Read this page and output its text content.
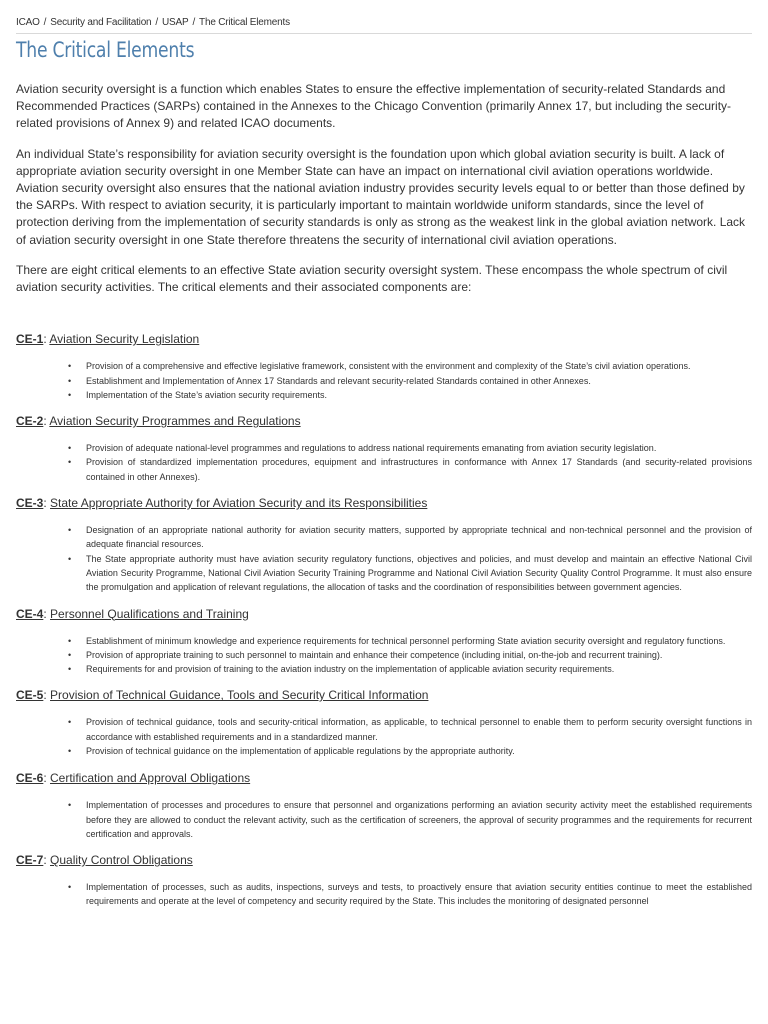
ICAO / Security and Facilitation / USAP / The Critical Elements
The Critical Elements

Aviation security oversight is a function which enables States to ensure the effective implementation of security-related Standards and Recommended Practices (SARPs) contained in the Annexes to the Chicago Convention (primarily Annex 17, but including the security-related provisions of Annex 9) and related ICAO documents.

An individual State’s responsibility for aviation security oversight is the foundation upon which global aviation security is built. A lack of appropriate aviation security oversight in one Member State can have an impact on international civil aviation operations worldwide. Aviation security oversight also ensures that the national aviation industry provides security levels equal to or better than those defined by the SARPs. With respect to aviation security, it is particularly important to maintain worldwide uniform standards, since the level of protection deriving from the implementation of security standards is only as strong as the weakest link in the global aviation network. Lack of aviation security oversight in one State therefore threatens the security of international civil aviation operations.

There are eight critical elements to an effective State aviation security oversight system. These encompass the whole spectrum of civil aviation security activities. The critical elements and their associated components are:

CE-1: Aviation Security Legislation
• Provision of a comprehensive and effective legislative framework, consistent with the environment and complexity of the State’s civil aviation operations.
• Establishment and Implementation of Annex 17 Standards and relevant security-related Standards contained in other Annexes.
• Implementation of the State’s aviation security requirements.
CE-2: Aviation Security Programmes and Regulations
• Provision of adequate national-level programmes and regulations to address national requirements emanating from aviation security legislation.
• Provision of standardized implementation procedures, equipment and infrastructures in conformance with Annex 17 Standards (and security-related provisions contained in other Annexes).
CE-3: State Appropriate Authority for Aviation Security and its Responsibilities
• Designation of an appropriate national authority for aviation security matters, supported by appropriate technical and non-technical personnel and the provision of adequate financial resources.
• The State appropriate authority must have aviation security regulatory functions, objectives and policies, and must develop and maintain an effective National Civil Aviation Security Programme, National Civil Aviation Security Training Programme and National Civil Aviation Security Quality Control Programme. It must also ensure the promulgation and application of relevant regulations, the allocation of tasks and the coordination of responsibilities between government agencies.
CE-4: Personnel Qualifications and Training
• Establishment of minimum knowledge and experience requirements for technical personnel performing State aviation security oversight and regulatory functions.
• Provision of appropriate training to such personnel to maintain and enhance their competence (including initial, on-the-job and recurrent training).
• Requirements for and provision of training to the aviation industry on the implementation of applicable aviation security requirements.
CE-5: Provision of Technical Guidance, Tools and Security Critical Information
• Provision of technical guidance, tools and security-critical information, as applicable, to technical personnel to enable them to perform security oversight functions in accordance with established requirements and in a standardized manner.
• Provision of technical guidance on the implementation of applicable regulations by the appropriate authority.
CE-6: Certification and Approval Obligations
• Implementation of processes and procedures to ensure that personnel and organizations performing an aviation security activity meet the established requirements before they are allowed to conduct the relevant activity, such as the certification of screeners, the approval of security programmes and the requirements for recurrent certification and approvals.
CE-7: Quality Control Obligations
• Implementation of processes, such as audits, inspections, surveys and tests, to proactively ensure that aviation security entities continue to meet the established requirements and operate at the level of competency and security required by the State. This includes the monitoring of designated personnel
